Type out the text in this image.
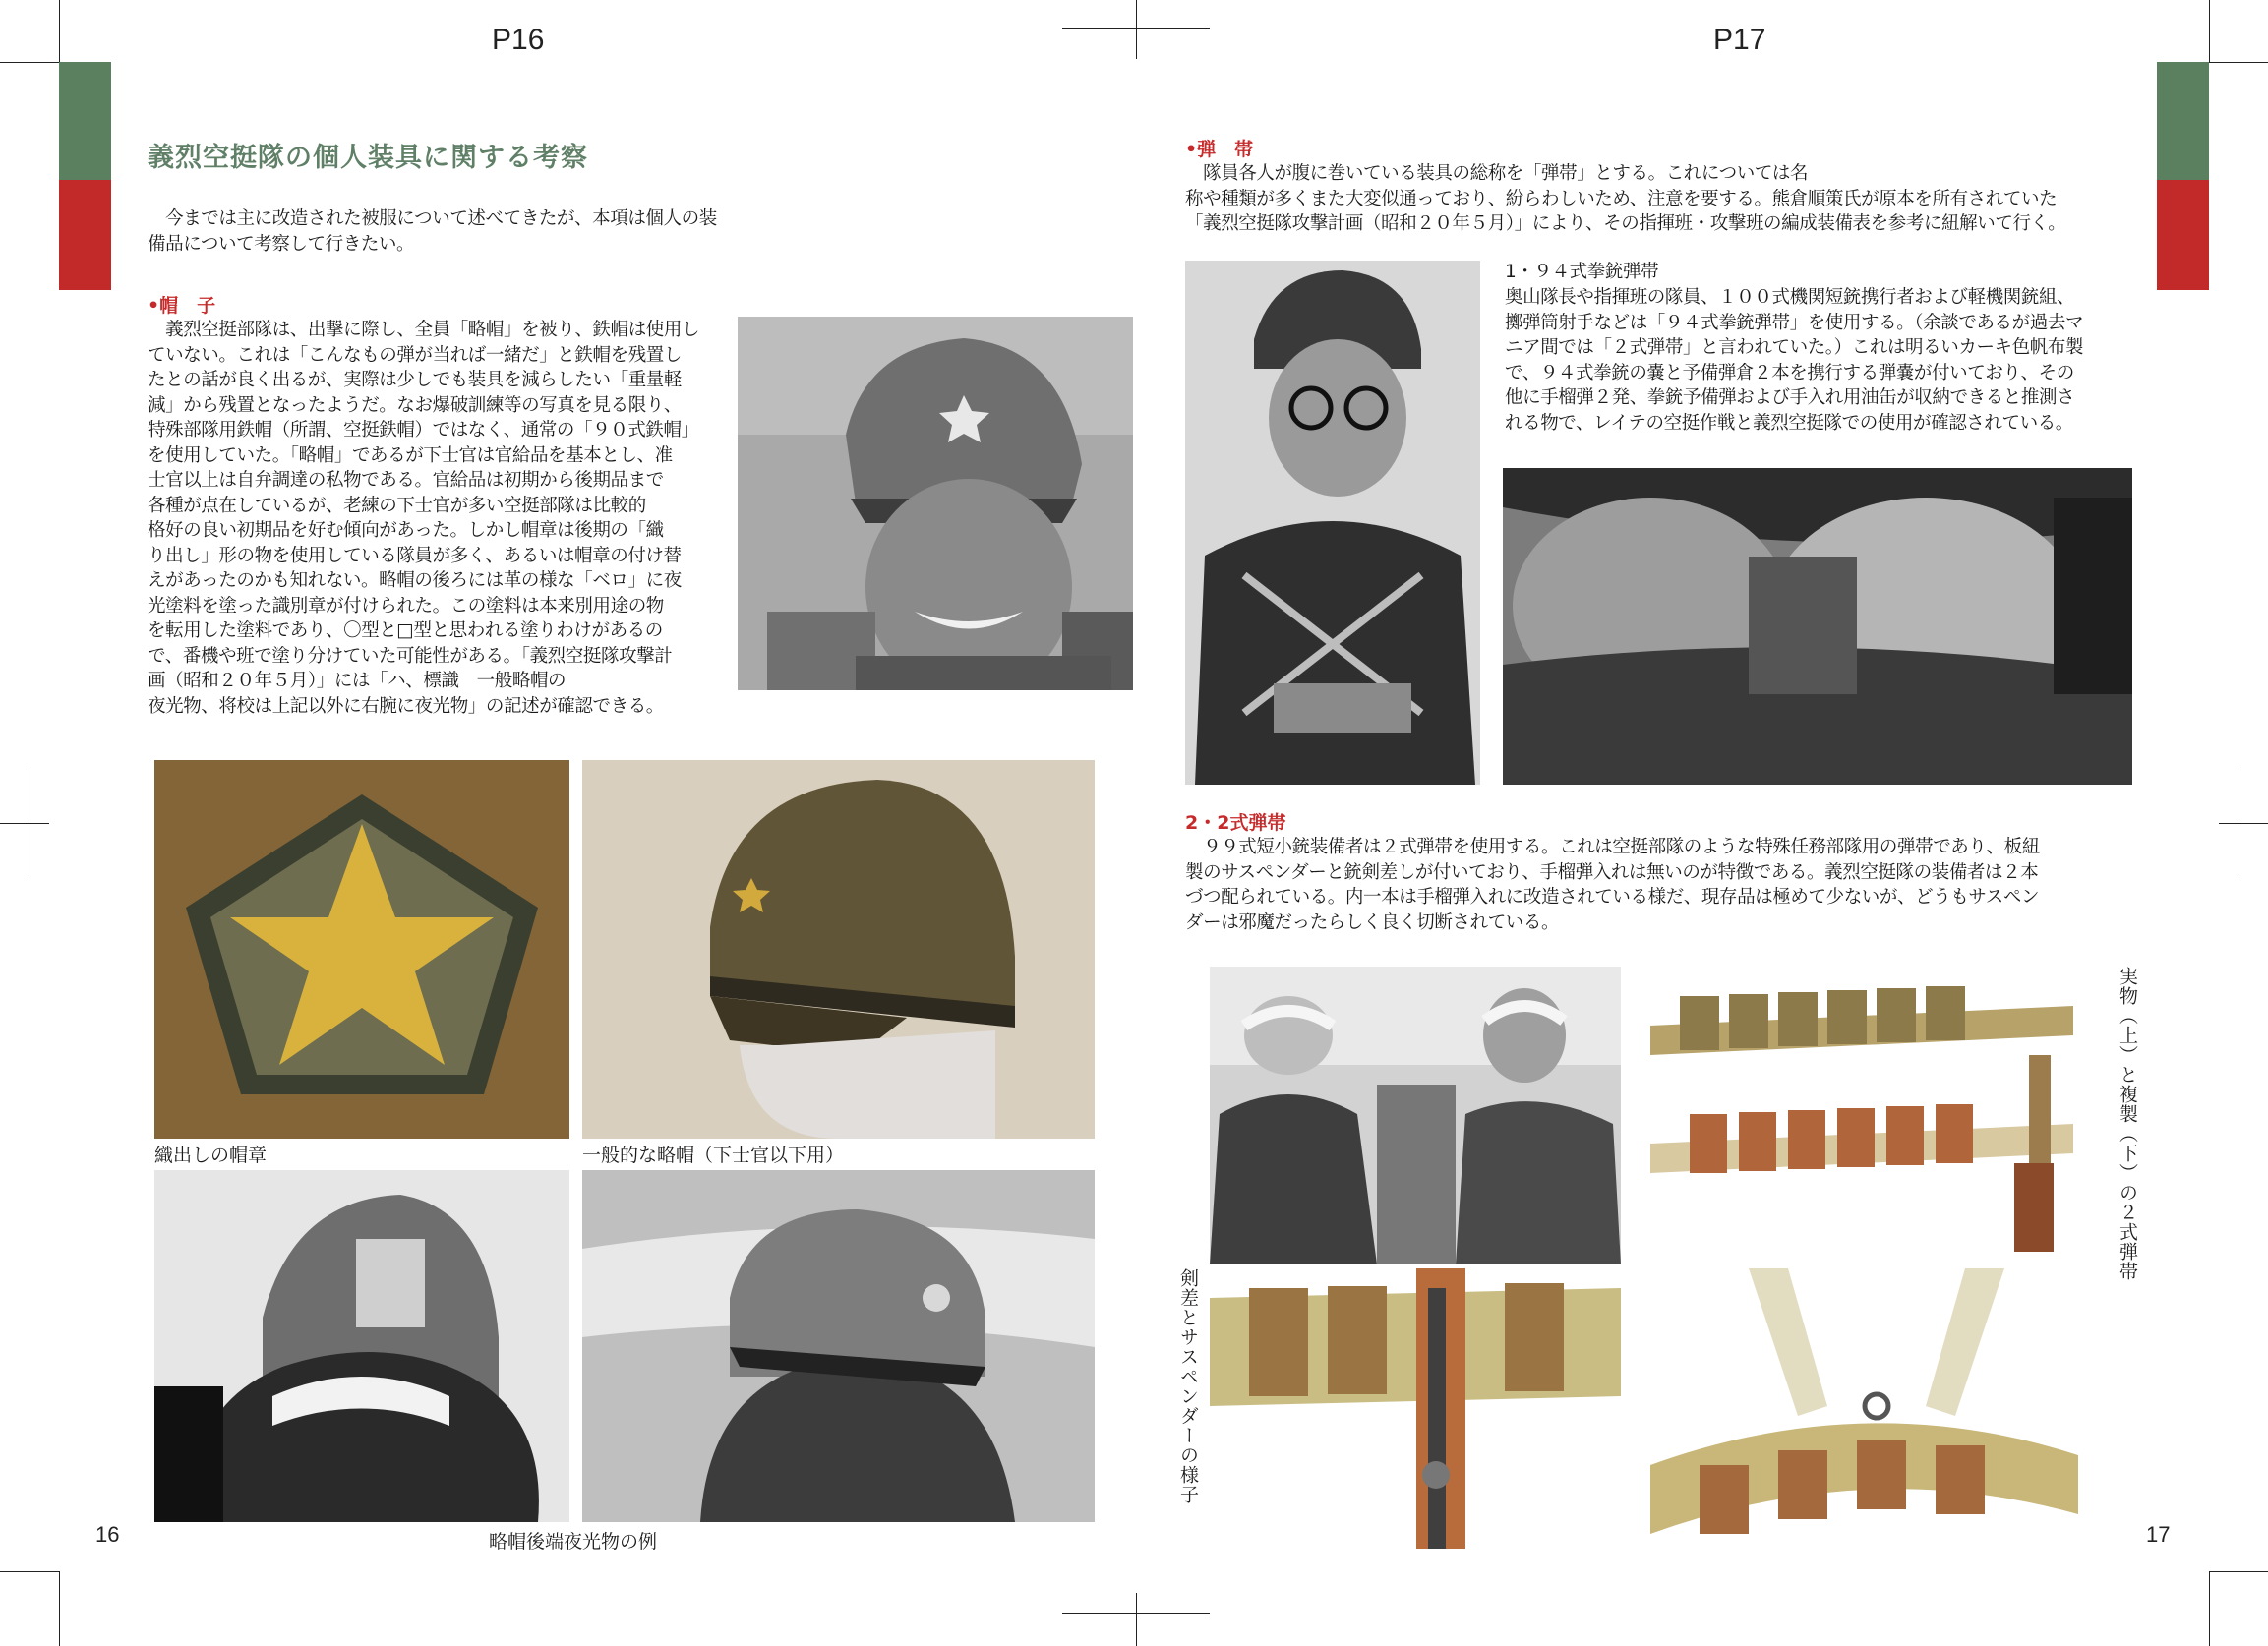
P16	P17
16	17
義烈空挺隊の個人装具に関する考察
　今までは主に改造された被服について述べてきたが、本項は個人の装
備品について考察して行きたい。
•帽　子
　義烈空挺部隊は、出撃に際し、全員「略帽」を被り、鉄帽は使用し
ていない。これは「こんなもの弾が当れば一緒だ」と鉄帽を残置し
たとの話が良く出るが、実際は少しでも装具を減らしたい「重量軽
減」から残置となったようだ。なお爆破訓練等の写真を見る限り、
特殊部隊用鉄帽（所謂、空挺鉄帽）ではなく、通常の「９０式鉄帽」
を使用していた。「略帽」であるが下士官は官給品を基本とし、准
士官以上は自弁調達の私物である。官給品は初期から後期品まで
各種が点在しているが、老練の下士官が多い空挺部隊は比較的
格好の良い初期品を好む傾向があった。しかし帽章は後期の「織
り出し」形の物を使用している隊員が多く、あるいは帽章の付け替
えがあったのかも知れない。略帽の後ろには革の様な「ベロ」に夜
光塗料を塗った識別章が付けられた。この塗料は本来別用途の物
を転用した塗料であり、〇型と□型と思われる塗りわけがあるの
で、番機や班で塗り分けていた可能性がある。「義烈空挺隊攻撃計
画（昭和２０年５月）」には「ハ、標識　一般略帽の
夜光物、将校は上記以外に右腕に夜光物」の記述が確認できる。
織出しの帽章	一般的な略帽（下士官以下用）
略帽後端夜光物の例
•弾　帯
　隊員各人が腹に巻いている装具の総称を「弾帯」とする。これについては名
称や種類が多くまた大変似通っており、紛らわしいため、注意を要する。熊倉順策氏が原本を所有されていた
「義烈空挺隊攻撃計画（昭和２０年５月）」により、その指揮班・攻撃班の編成装備表を参考に紐解いて行く。
1・９４式拳銃弾帯
奥山隊長や指揮班の隊員、１００式機関短銃携行者および軽機関銃組、
擲弾筒射手などは「９４式拳銃弾帯」を使用する。（余談であるが過去マ
ニア間では「２式弾帯」と言われていた。）これは明るいカーキ色帆布製
で、９４式拳銃の嚢と予備弾倉２本を携行する弾嚢が付いており、その
他に手榴弾２発、拳銃予備弾および手入れ用油缶が収納できると推測さ
れる物で、レイテの空挺作戦と義烈空挺隊での使用が確認されている。
2・2式弾帯
　９９式短小銃装備者は２式弾帯を使用する。これは空挺部隊のような特殊任務部隊用の弾帯であり、板紐
製のサスペンダーと銃剣差しが付いており、手榴弾入れは無いのが特徴である。義烈空挺隊の装備者は２本
づつ配られている。内一本は手榴弾入れに改造されている様だ、現存品は極めて少ないが、どうもサスペン
ダーは邪魔だったらしく良く切断されている。
実物（上）と複製（下）の２式弾帯
剣差とサスペンダーの様子
